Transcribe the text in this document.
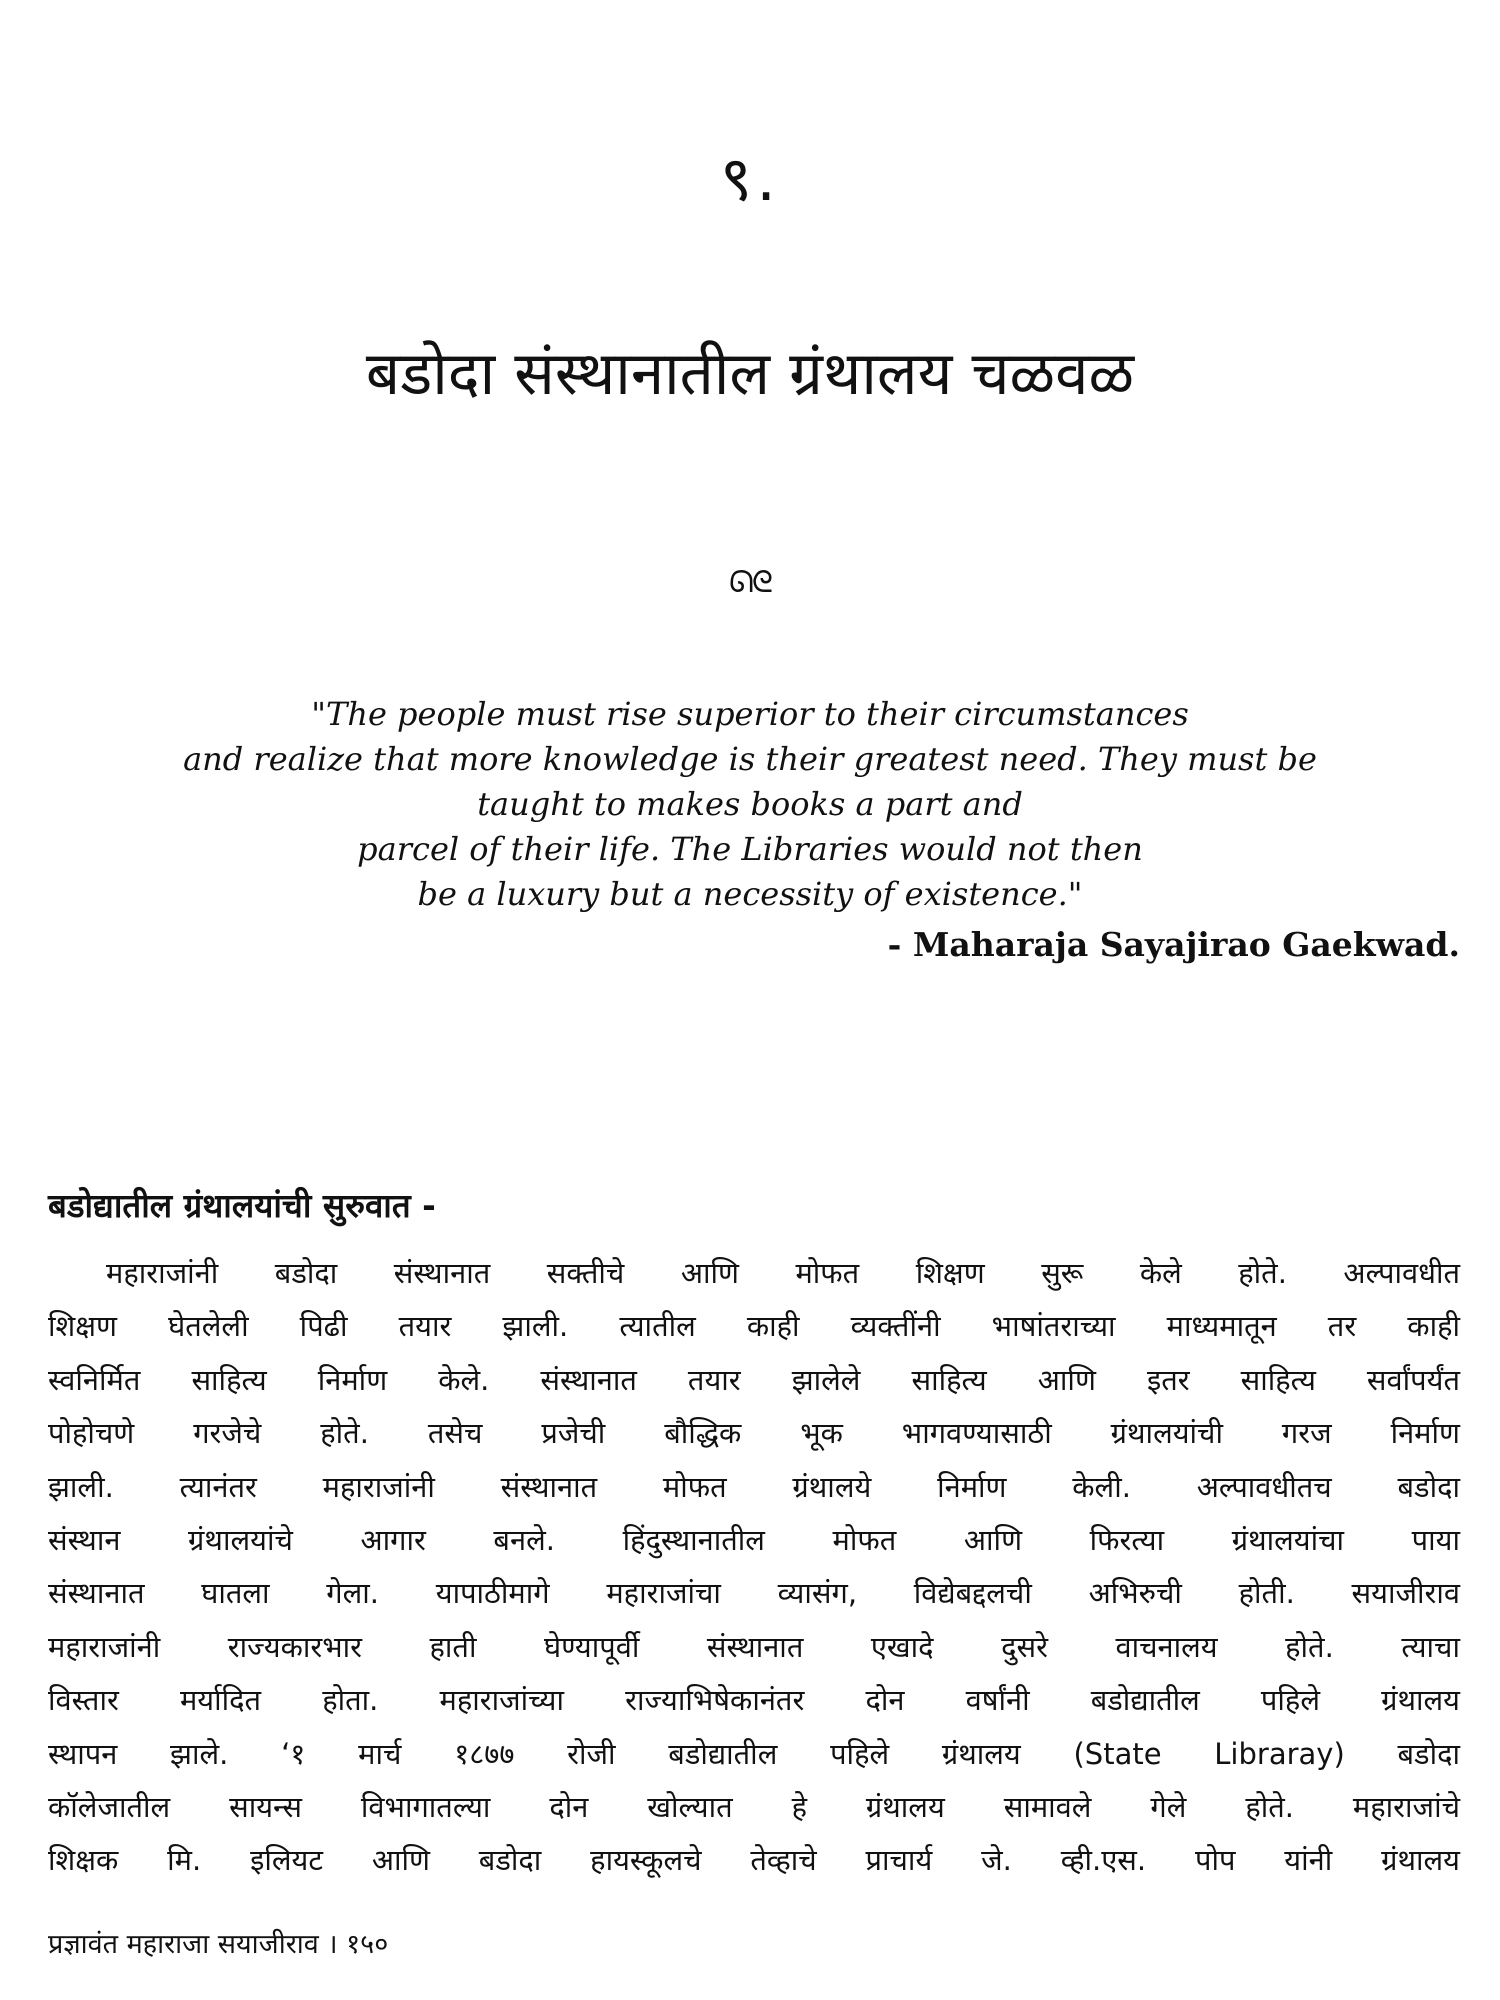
९.
बडोदा संस्थानातील ग्रंथालय चळवळ
ᘏᘓ
"The people must rise superior to their circumstances
and realize that more knowledge is their greatest need. They must be
taught to makes books a part and
parcel of their life. The Libraries would not then
be a luxury but a necessity of existence."
- Maharaja Sayajirao Gaekwad.
बडोद्यातील ग्रंथालयांची सुरुवात -
महाराजांनी बडोदा संस्थानात सक्तीचे आणि मोफत शिक्षण सुरू केले होते. अल्पावधीत
शिक्षण घेतलेली पिढी तयार झाली. त्यातील काही व्यक्तींनी भाषांतराच्या माध्यमातून तर काही
स्वनिर्मित साहित्य निर्माण केले. संस्थानात तयार झालेले साहित्य आणि इतर साहित्य सर्वांपर्यंत
पोहोचणे गरजेचे होते. तसेच प्रजेची बौद्धिक भूक भागवण्यासाठी ग्रंथालयांची गरज निर्माण
झाली. त्यानंतर महाराजांनी संस्थानात मोफत ग्रंथालये निर्माण केली. अल्पावधीतच बडोदा
संस्थान ग्रंथालयांचे आगार बनले. हिंदुस्थानातील मोफत आणि फिरत्या ग्रंथालयांचा पाया
संस्थानात घातला गेला. यापाठीमागे महाराजांचा व्यासंग, विद्येबद्दलची अभिरुची होती. सयाजीराव
महाराजांनी राज्यकारभार हाती घेण्यापूर्वी संस्थानात एखादे दुसरे वाचनालय होते. त्याचा
विस्तार मर्यादित होता. महाराजांच्या राज्याभिषेकानंतर दोन वर्षांनी बडोद्यातील पहिले ग्रंथालय
स्थापन झाले. ‘१ मार्च १८७७ रोजी बडोद्यातील पहिले ग्रंथालय (State Libraray) बडोदा
कॉलेजातील सायन्स विभागातल्या दोन खोल्यात हे ग्रंथालय सामावले गेले होते. महाराजांचे
शिक्षक मि. इलियट आणि बडोदा हायस्कूलचे तेव्हाचे प्राचार्य जे. व्ही.एस. पोप यांनी ग्रंथालय
प्रज्ञावंत महाराजा सयाजीराव । १५०
